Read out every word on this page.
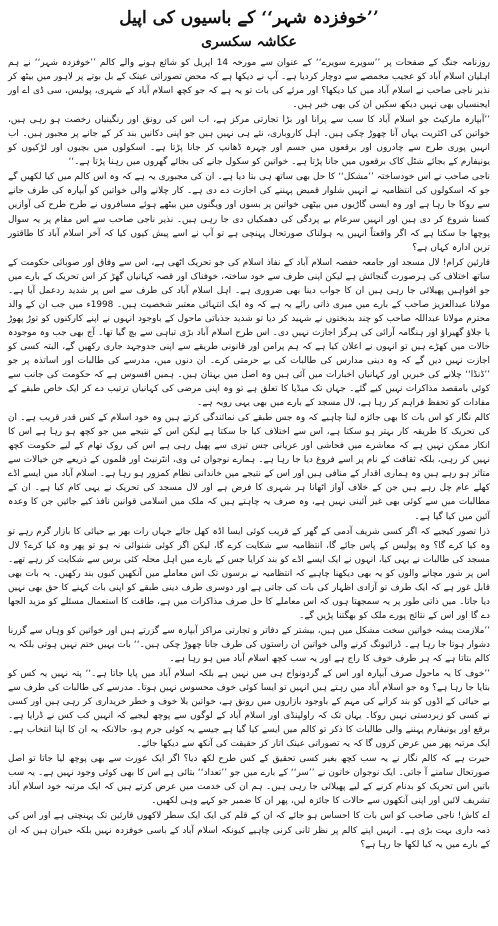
’’خوفزدہ شہر‘‘ کے باسیوں کی اپیل
عکاشہ سکسری

روزنامہ جنگ کے صفحات پر ’’سویرے سویرے‘‘ کے عنوان سے مورخہ 14 اپریل کو شائع ہونے والے کالم ’’خوفزدہ شہر‘‘ نے ہم اہلیان اسلام آباد کو عجیب مخمصے سے دوچار کردیا ہے۔ آپ نے دیکھا ہے کہ محض تصوراتی عینک کے بل بوتے پر لاہور میں بیٹھ کر نذیر ناجی صاحب نے اسلام آباد میں کیا دیکھا؟ اور مرئے کی بات تو یہ ہے کہ جو کچھ اسلام آباد کے شہری، پولیس، سی ڈی اے اور ایجنسیاں بھی نہیں دیکھ سکیں ان کی بھی خبر ہیں۔

’’آبپارہ مارکیٹ جو اسلام آباد کا سب سے پرانا اور بڑا تجارتی مرکز ہے، اب اس کی رونق اور رنگینیاں رخصت ہو رہی ہیں، خواتین کی اکثریت یہاں آنا چھوڑ چکی ہیں۔ اہل کاروباری، نئے ہی نہیں ہیں جو اپنی دکانیں بند کر کے جانے پر مجبور ہیں۔ اب انہیں پوری طرح سے چادروں اور برقعوں میں جسم اور چہرہ ڈھانپ کر جانا پڑتا ہے۔ اسکولوں میں بچیوں اور لڑکیوں کو یونیفارم کے بجائے شٹل کاک برقعوں میں جانا پڑتا ہے۔ خواتین کو سکول جانے کی بجائے گھروں میں رہنا پڑتا ہے۔‘‘

ناجی صاحب نے اس خودساختہ ’’مشکل‘‘ کا حل بھی ساتھ ہی بتا دیا ہے۔ ان کی مجبوری یہ ہے کہ وہ اس کالم میں کیا لکھیں گے جو کہ اسکولوں کی انتظامیہ نے انہیں شلوار قمیض پہننے کی اجازت دے دی ہے۔ کار چلانے والی خواتین کو آبپارہ کی طرف جانے سے روکا جا رہا ہے اور وہ ایسی گاڑیوں میں بیٹھی خواتین پر بسوں اور ویگنوں میں بیٹھے ہوئے مسافروں نے طرح طرح کی آوازیں کسنا شروع کر دی ہیں اور انہیں سرعام بے پردگی کی دھمکیاں دی جا رہی ہیں۔ نذیر ناجی صاحب سے اس مقام پر یہ سوال پوچھا جا سکتا ہے کہ اگر واقعتاً انہیں یہ ہولناک صورتحال پہنچی ہے تو آپ نے اسے پیش کیوں کیا کہ آخر اسلام آباد کا طاقتور ترین ادارہ کہاں ہے؟

قارئین کرام! لال مسجد اور جامعہ حفصہ اسلام آباد کے نفاذ اسلام کی جو تحریک اٹھی ہے، اس سے وفاق اور صوبائی حکومت کے ساتھ اختلاف کی ہرصورت گنجائش ہے لیکن اپنی طرف سے خود ساختہ، خوفناک اور قصہ کہانیاں گھڑ کر اس تحریک کے بارے میں جو افواہیں پھیلائی جا رہی ہیں ان کا جواب دینا بھی ضروری ہے۔ اہل اسلام آباد کی طرف سے اس پر شدید ردعمل آیا ہے۔ مولانا عبدالعزیز صاحب کے بارے میں میری ذاتی رائے یہ ہے کہ وہ ایک انتہائی معتبر شخصیت ہیں۔ 1998ء میں جب ان کے والد محترم مولانا عبداللہ صاحب کو چند بدبختوں نے شہید کر دیا تو شدید جذباتی ماحول کے باوجود انہوں نے اپنے کارکنوں کو توڑ پھوڑ یا جلاؤ گھیراؤ اور ہنگامہ آرائی کی ہرگز اجازت نہیں دی۔ اس طرح اسلام آباد بڑی تباہی سے بچ گیا تھا۔ آج بھی جب وہ موجودہ حالات میں کھڑے ہیں تو انہوں نے اعلان کیا ہے کہ ہم پرامن اور قانونی طریقے سے اپنی جدوجہد جاری رکھیں گے، البتہ کسی کو اجازت نہیں دیں گے کہ وہ دینی مدارس کی طالبات کی بے حرمتی کرے۔ ان دنوں میں، مدرسے کی طالبات اور اساتذہ پر جو ’’ڈنڈا‘‘ چلانے کی خبریں اور کہانیاں اخبارات میں آئی ہیں وہ اصل میں بہتان ہیں۔ ہمیں افسوس ہے کہ حکومت کی جانب سے کوئی بامقصد مذاکرات نہیں کیے گئے۔ جہاں تک میڈیا کا تعلق ہے تو وہ اپنی مرضی کی کہانیاں ترتیب دے کر ایک خاص طبقے کے مفادات کو تحفظ فراہم کر رہا ہے، لال مسجد کے بارے میں بھی یہی رویہ ہے۔

کالم نگار کو اس بات کا بھی جائزہ لینا چاہیے کہ وہ جس طبقے کی نمائندگی کرتے ہیں وہ خود اسلام کے کس قدر قریب ہے۔ ان کی تحریک کا طریقہ کار بہتر ہو سکتا ہے، اس سے اختلاف کیا جا سکتا ہے لیکن اس کے نتیجے میں جو کچھ ہو رہا ہے اس کا انکار ممکن نہیں ہے کہ معاشرے میں فحاشی اور عریانی جس تیزی سے پھیل رہی ہے اس کی روک تھام کے لیے حکومت کچھ نہیں کر رہی، بلکہ ثقافت کے نام پر اسے فروغ دیا جا رہا ہے۔ ہمارے نوجوان ٹی وی، انٹرنیٹ اور فلموں کے ذریعے جن خیالات سے متاثر ہو رہے ہیں وہ ہماری اقدار کے منافی ہیں اور اس کے نتیجے میں خاندانی نظام کمزور ہو رہا ہے۔ اسلام آباد میں ایسے اڈے کھلے عام چل رہے ہیں جن کے خلاف آواز اٹھانا ہر شہری کا فرض ہے اور لال مسجد کی تحریک نے یہی کام کیا ہے۔ ان کے مطالبات میں سے کوئی بھی غیر آئینی نہیں ہے، وہ صرف یہ چاہتے ہیں کہ ملک میں اسلامی قوانین نافذ کیے جائیں جن کا وعدہ آئین میں کیا گیا ہے۔

ذرا تصور کیجیے کہ اگر کسی شریف آدمی کے گھر کے قریب کوئی ایسا اڈہ کھل جائے جہاں رات بھر بے حیائی کا بازار گرم رہے تو وہ کیا کرے گا؟ وہ پولیس کے پاس جائے گا، انتظامیہ سے شکایت کرے گا، لیکن اگر کوئی شنوائی نہ ہو تو پھر وہ کیا کرے؟ لال مسجد کی طالبات نے یہی کیا، انہوں نے ایک ایسے اڈے کو بند کرایا جس کے بارے میں اہل محلہ کئی برس سے شکایت کر رہے تھے۔ اس پر شور مچانے والوں کو یہ بھی دیکھنا چاہیے کہ انتظامیہ نے برسوں تک اس معاملے میں آنکھیں کیوں بند رکھیں۔ یہ بات بھی قابل غور ہے کہ ایک طرف تو آزادی اظہار کی بات کی جاتی ہے اور دوسری طرف دینی طبقے کو اپنی بات کہنے کا حق بھی نہیں دیا جاتا۔ میں ذاتی طور پر یہ سمجھتا ہوں کہ اس معاملے کا حل صرف مذاکرات میں ہے، طاقت کا استعمال مسئلے کو مزید الجھا دے گا اور اس کے نتائج پورے ملک کو بھگتنا پڑیں گے۔

’’ملازمت پیشہ خواتین سخت مشکل میں ہیں، بیشتر کے دفاتر و تجارتی مراکز آبپارہ سے گزرتے ہیں اور خواتین کو وہاں سے گزرنا دشوار ہوتا جا رہا ہے۔ ڈرائیونگ کرنے والی خواتین ان راستوں کی طرف جانا چھوڑ چکی ہیں۔‘‘ بات یہیں ختم نہیں ہوتی بلکہ یہ کالم بتاتا ہے کہ ہر طرف خوف کا راج ہے اور یہ سب کچھ اسلام آباد میں ہو رہا ہے۔

’’خوف کا یہ ماحول صرف آبپارہ اور اس کے گردونواح ہی میں نہیں ہے بلکہ اسلام آباد میں پایا جاتا ہے۔‘‘ پتہ نہیں یہ کس کو بتایا جا رہا ہے؟ وہ جو اسلام آباد میں رہتے ہیں انہیں تو ایسا کوئی خوف محسوس نہیں ہوتا۔ مدرسے کی طالبات کی طرف سے بے حیائی کے اڈوں کو بند کرانے کی مہم کے باوجود بازاروں میں رونق ہے، خواتین بلا خوف و خطر خریداری کر رہی ہیں اور کسی نے کسی کو زبردستی نہیں روکا۔ یہاں تک کہ راولپنڈی اور اسلام آباد کے لوگوں سے پوچھ لیجیے کہ انہیں کب کس نے ڈرایا ہے۔ برقع اور یونیفارم پہننے والی طالبات کا ذکر تو کالم میں ایسے کیا گیا ہے جیسے یہ کوئی جرم ہو، حالانکہ یہ ان کا اپنا انتخاب ہے۔ ایک مرتبہ پھر میں عرض کروں گا کہ یہ تصوراتی عینک اتار کر حقیقت کی آنکھ سے دیکھا جائے۔

حیرت ہے کہ کالم نگار نے یہ سب کچھ بغیر کسی تحقیق کے کس طرح لکھ دیا؟ اگر ایک عورت سے بھی پوچھ لیا جاتا تو اصل صورتحال سامنے آ جاتی۔ ایک نوجوان خاتون نے ’’سر‘‘ کے بارے میں جو ’’تعداد‘‘ بتائی ہے اس کا بھی کوئی وجود نہیں ہے۔ یہ سب باتیں اس تحریک کو بدنام کرنے کے لیے پھیلائی جا رہی ہیں۔ ہم ان کی خدمت میں عرض کرتے ہیں کہ ایک مرتبہ خود اسلام آباد تشریف لائیں اور اپنی آنکھوں سے حالات کا جائزہ لیں، پھر ان کا ضمیر جو کہے وہی لکھیں۔

اے کاش! ناجی صاحب کو اس بات کا احساس ہو جائے کہ ان کے قلم کی ایک ایک سطر لاکھوں قارئین تک پہنچتی ہے اور اس کی ذمہ داری بہت بڑی ہے۔ انہیں اپنے کالم پر نظر ثانی کرنی چاہیے کیونکہ اسلام آباد کے باسی خوفزدہ نہیں بلکہ حیران ہیں کہ ان کے بارے میں یہ کیا لکھا جا رہا ہے؟
